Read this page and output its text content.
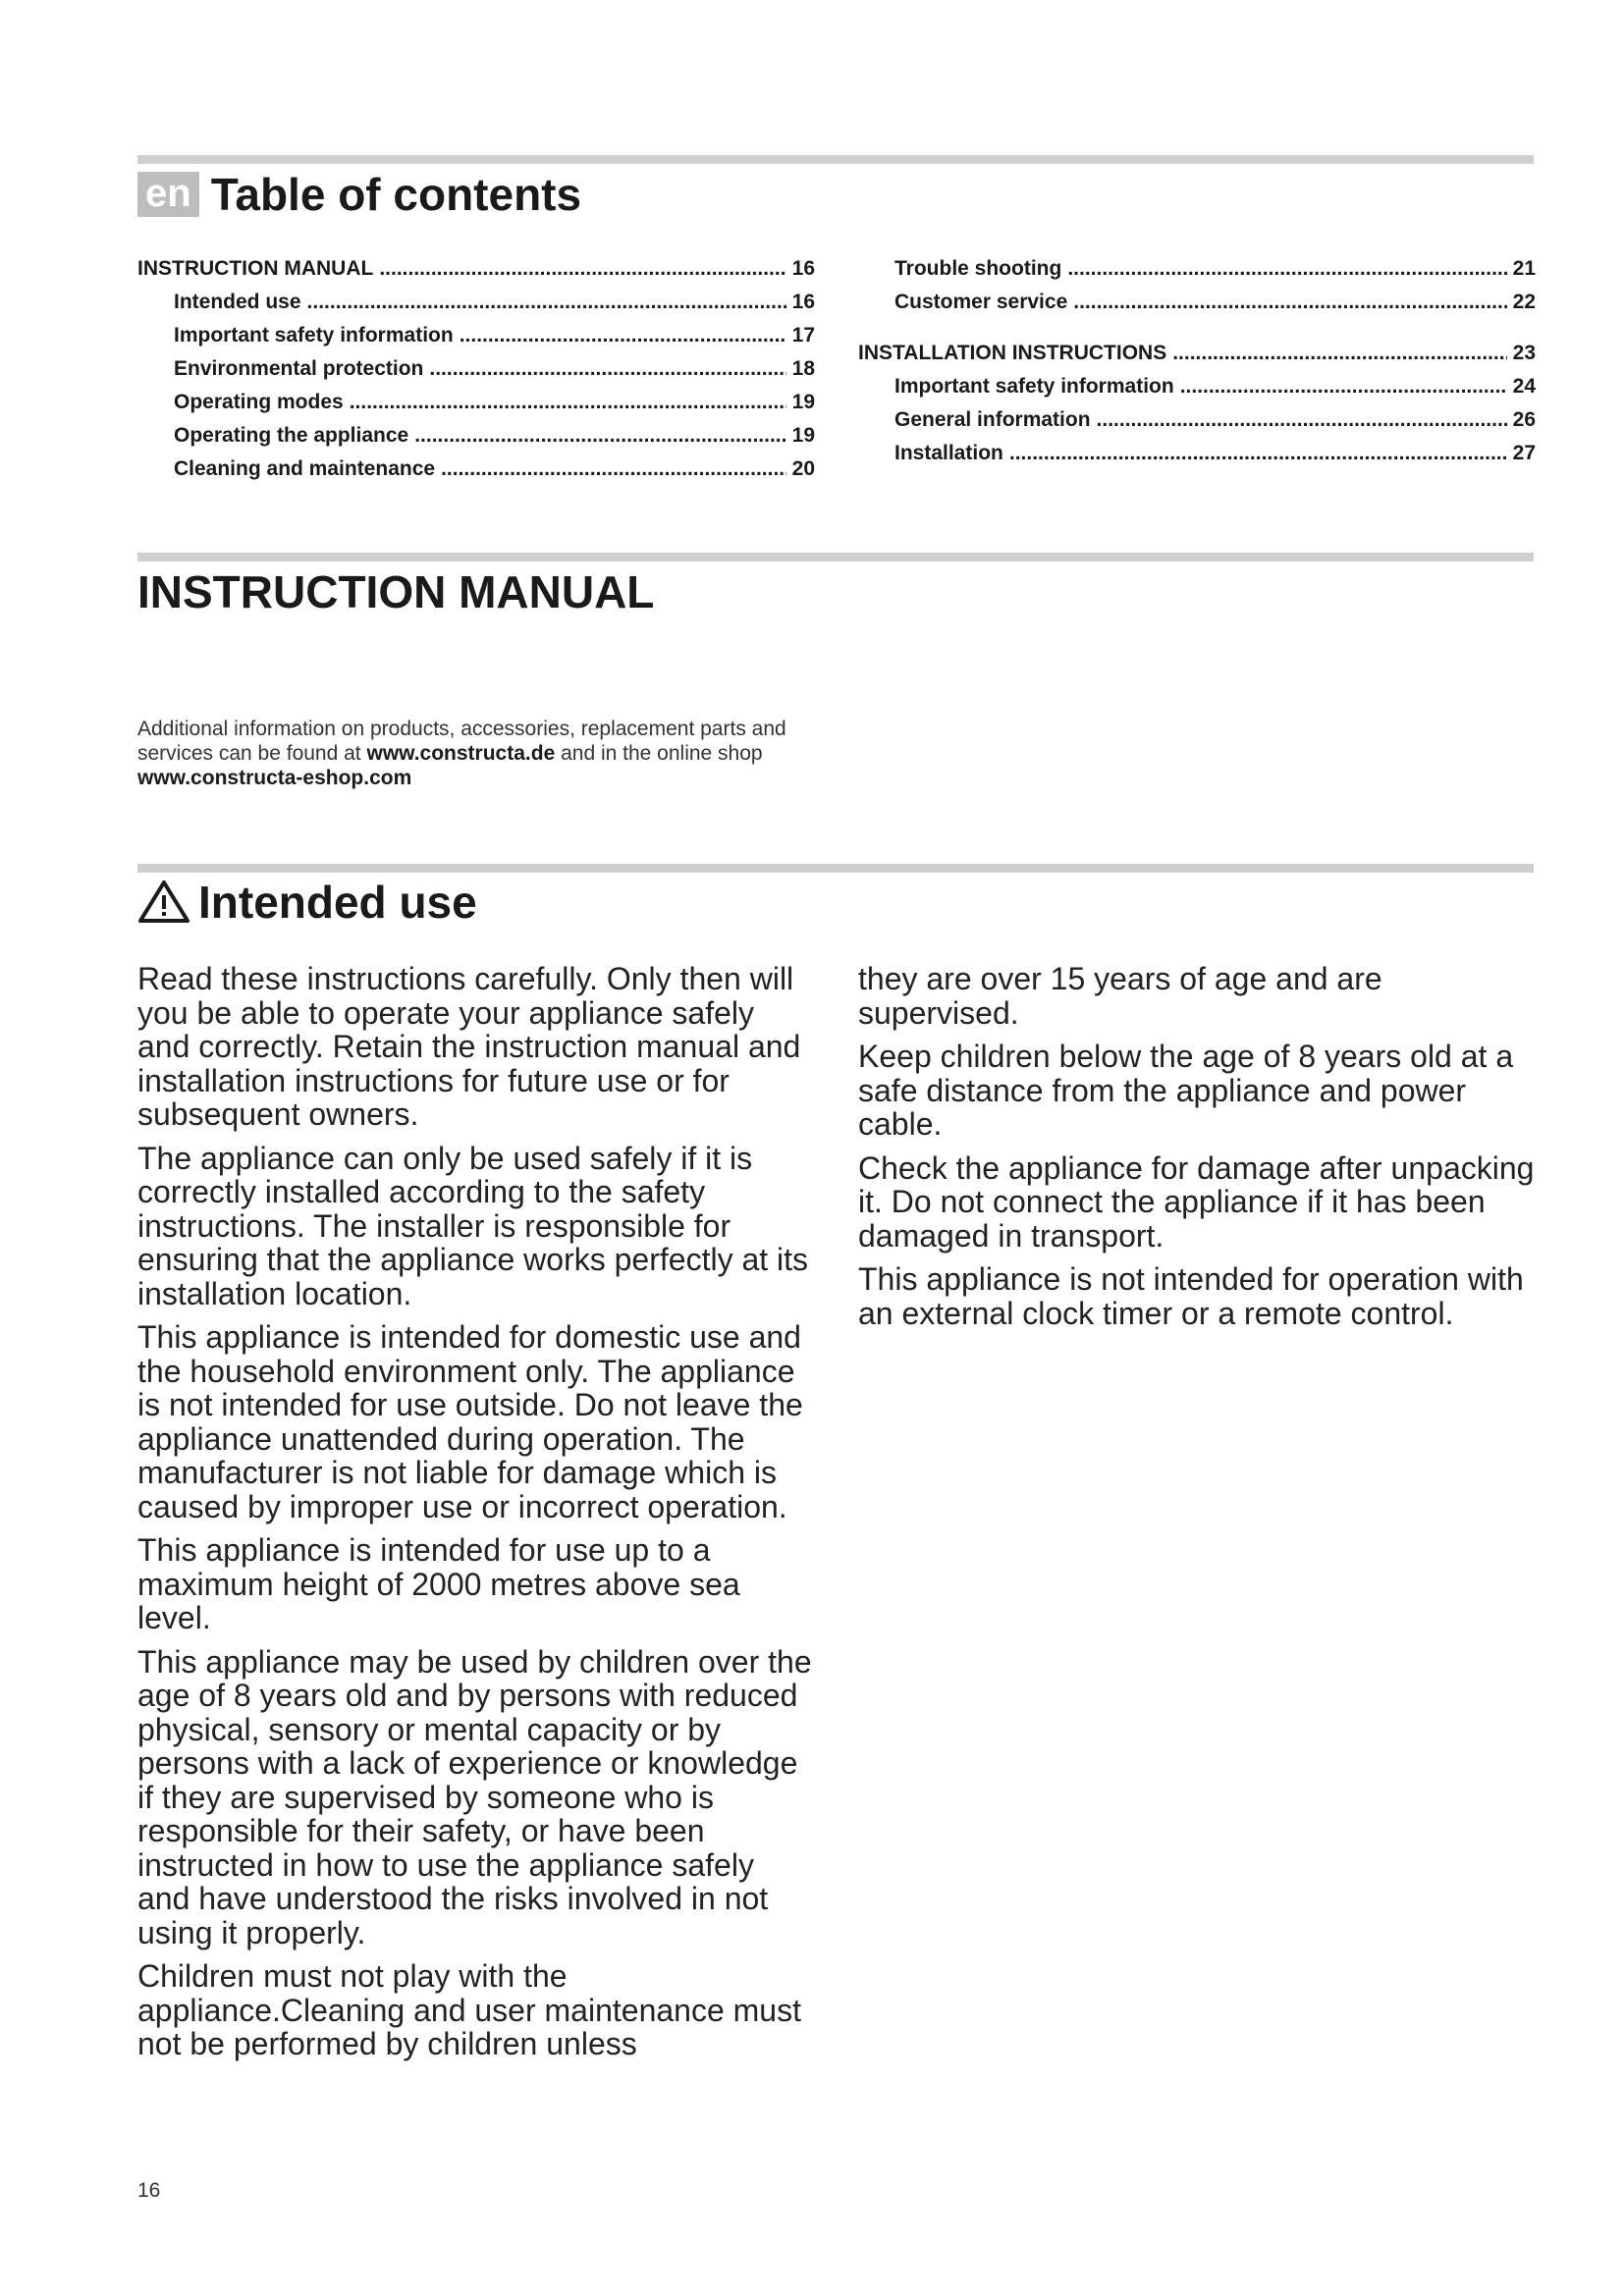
en Table of contents
INSTRUCTION MANUAL .....	16
Intended use .....	16
Important safety information .....	17
Environmental protection .....	18
Operating modes .....	19
Operating the appliance .....	19
Cleaning and maintenance .....	20
Trouble shooting .....	21
Customer service .....	22
INSTALLATION INSTRUCTIONS .....	23
Important safety information .....	24
General information .....	26
Installation .....	27
INSTRUCTION MANUAL
Additional information on products, accessories, replacement parts and services can be found at www.constructa.de and in the online shop www.constructa-eshop.com
Intended use

Read these instructions carefully. Only then will you be able to operate your appliance safely and correctly. Retain the instruction manual and installation instructions for future use or for subsequent owners.

The appliance can only be used safely if it is correctly installed according to the safety instructions. The installer is responsible for ensuring that the appliance works perfectly at its installation location.

This appliance is intended for domestic use and the household environment only. The appliance is not intended for use outside. Do not leave the appliance unattended during operation. The manufacturer is not liable for damage which is caused by improper use or incorrect operation.

This appliance is intended for use up to a maximum height of 2000 metres above sea level.

This appliance may be used by children over the age of 8 years old and by persons with reduced physical, sensory or mental capacity or by persons with a lack of experience or knowledge if they are supervised by someone who is responsible for their safety, or have been instructed in how to use the appliance safely and have understood the risks involved in not using it properly.

Children must not play with the appliance.Cleaning and user maintenance must not be performed by children unless

they are over 15 years of age and are supervised.

Keep children below the age of 8 years old at a safe distance from the appliance and power cable.

Check the appliance for damage after unpacking it. Do not connect the appliance if it has been damaged in transport.

This appliance is not intended for operation with an external clock timer or a remote control.

16
